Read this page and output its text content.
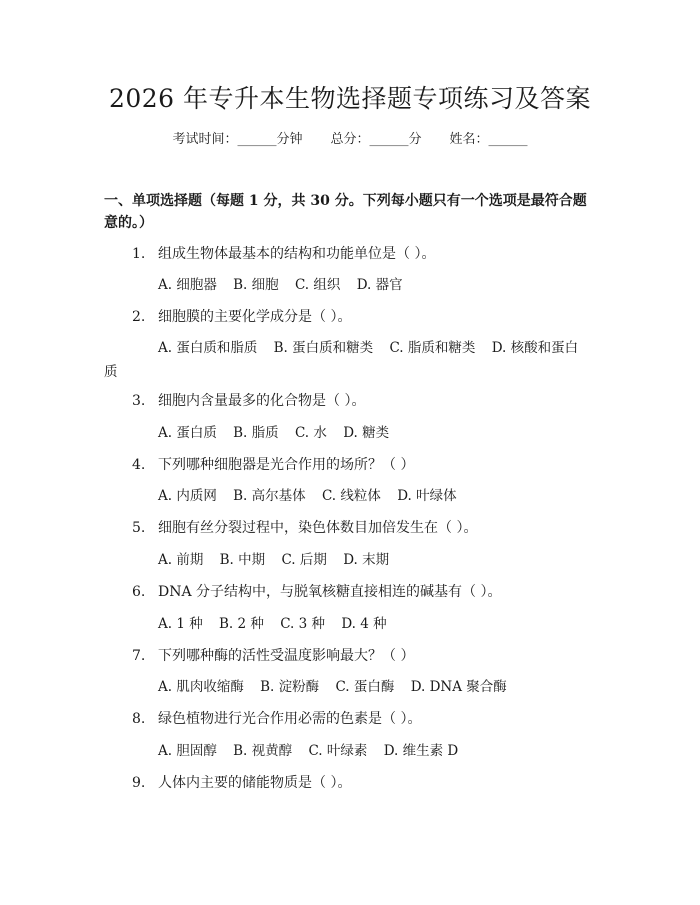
2026 年专升本生物选择题专项练习及答案
考试时间：______分钟 总分：______分 姓名：______
一、单项选择题（每题 1 分，共 30 分。下列每小题只有一个选项是最符合题意的。）
1. 组成生物体最基本的结构和功能单位是（ ）。
A. 细胞器 B. 细胞 C. 组织 D. 器官
2. 细胞膜的主要化学成分是（ ）。
A. 蛋白质和脂质 B. 蛋白质和糖类 C. 脂质和糖类 D. 核酸和蛋白质
3. 细胞内含量最多的化合物是（ ）。
A. 蛋白质 B. 脂质 C. 水 D. 糖类
4. 下列哪种细胞器是光合作用的场所？（ ）
A. 内质网 B. 高尔基体 C. 线粒体 D. 叶绿体
5. 细胞有丝分裂过程中，染色体数目加倍发生在（ ）。
A. 前期 B. 中期 C. 后期 D. 末期
6. DNA 分子结构中，与脱氧核糖直接相连的碱基有（ ）。
A. 1 种 B. 2 种 C. 3 种 D. 4 种
7. 下列哪种酶的活性受温度影响最大？（ ）
A. 肌肉收缩酶 B. 淀粉酶 C. 蛋白酶 D. DNA 聚合酶
8. 绿色植物进行光合作用必需的色素是（ ）。
A. 胆固醇 B. 视黄醇 C. 叶绿素 D. 维生素 D
9. 人体内主要的储能物质是（ ）。
